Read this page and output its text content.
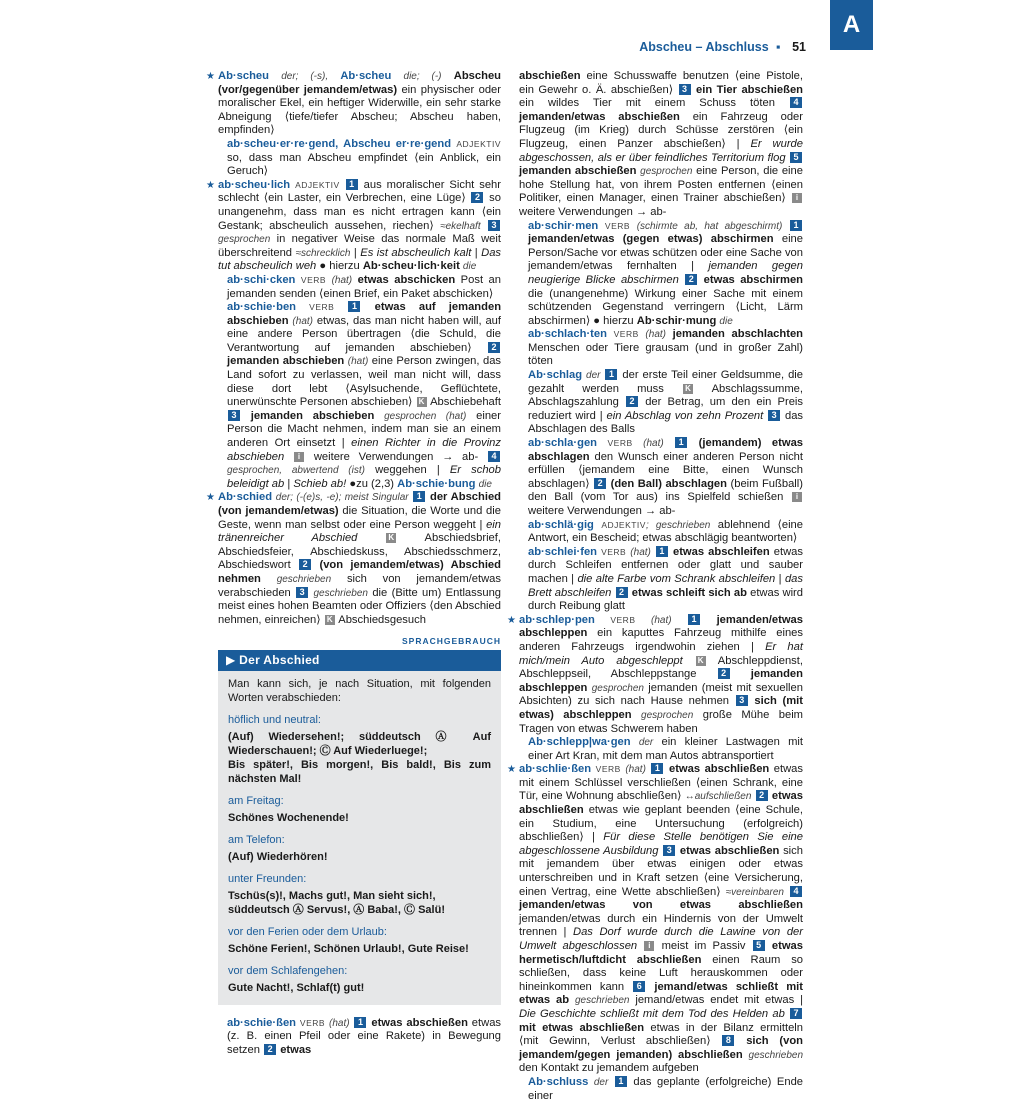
A
Abscheu – Abschluss ▪ 51

★ Ab·scheu der; (-s), Ab·scheu die; (-) Abscheu (vor/gegenüber jemandem/etwas) ein physischer oder moralischer Ekel, ein heftiger Widerwille, ein sehr starke Abneigung ⟨tiefe/tiefer Abscheu; Abscheu haben, empfinden⟩

ab·scheu·er·re·gend, Abscheu er·re·gend ADJEKTIV so, dass man Abscheu empfindet ⟨ein Anblick, ein Geruch⟩

★ ab·scheu·lich ADJEKTIV 1 aus moralischer Sicht sehr schlecht ⟨ein Laster, ein Verbrechen, eine Lüge⟩ 2 so unangenehm, dass man es nicht ertragen kann ⟨ein Gestank; abscheulich aussehen, riechen⟩ ≈ekelhaft 3 gesprochen in negativer Weise das normale Maß weit überschreitend ≈schrecklich | Es ist abscheulich kalt | Das tut abscheulich weh ● hierzu Ab·scheu·lich·keit die

ab·schi·cken VERB (hat) etwas abschicken Post an jemanden senden ⟨einen Brief, ein Paket abschicken⟩

ab·schie·ben VERB 1 etwas auf jemanden abschieben (hat) etwas, das man nicht haben will, auf eine andere Person übertragen ⟨die Schuld, die Verantwortung auf jemanden abschieben⟩ 2 jemanden abschieben (hat) eine Person zwingen, das Land sofort zu verlassen, weil man nicht will, dass diese dort lebt ⟨Asylsuchende, Geflüchtete, unerwünschte Personen abschieben⟩ K Abschiebehaft 3 jemanden abschieben gesprochen (hat) einer Person die Macht nehmen, indem man sie an einem anderen Ort einsetzt | einen Richter in die Provinz abschieben i weitere Verwendungen → ab- 4 gesprochen, abwertend (ist) weggehen | Er schob beleidigt ab | Schieb ab! ●zu (2,3) Ab·schie·bung die

★ Ab·schied der; (-(e)s, -e); meist Singular 1 der Abschied (von jemandem/etwas) die Situation, die Worte und die Geste, wenn man selbst oder eine Person weggeht | ein tränenreicher Abschied	K Abschiedsbrief, Abschiedsfeier, Abschiedskuss, Abschiedsschmerz, Abschiedswort 2 (von jemandem/etwas) Abschied nehmen geschrieben sich von jemandem/etwas verabschieden 3 geschrieben die (Bitte um) Entlassung meist eines hohen Beamten oder Offiziers ⟨den Abschied nehmen, einreichen⟩ K Abschiedsgesuch

SPRACHGEBRAUCH
▶ Der Abschied
Man kann sich, je nach Situation, mit folgenden Worten verabschieden:
höflich und neutral:
(Auf) Wiedersehen!; süddeutsch Ⓐ Auf Wiederschauen!; Ⓒ Auf Wiederluege!;
Bis später!, Bis morgen!, Bis bald!, Bis zum nächsten Mal!
am Freitag:
Schönes Wochenende!
am Telefon:
(Auf) Wiederhören!
unter Freunden:
Tschüs(s)!, Machs gut!, Man sieht sich!,
süddeutsch Ⓐ Servus!, Ⓐ Baba!, Ⓒ Salü!
vor den Ferien oder dem Urlaub:
Schöne Ferien!, Schönen Urlaub!, Gute Reise!
vor dem Schlafengehen:
Gute Nacht!, Schlaf(t) gut!

ab·schie·ßen VERB (hat) 1 etwas abschießen etwas (z. B. einen Pfeil oder eine Rakete) in Bewegung setzen 2 etwas

abschießen eine Schusswaffe benutzen ⟨eine Pistole, ein Gewehr o. Ä. abschießen⟩ 3 ein Tier abschießen ein wildes Tier mit einem Schuss töten 4 jemanden/etwas abschießen ein Fahrzeug oder Flugzeug (im Krieg) durch Schüsse zerstören ⟨ein Flugzeug, einen Panzer abschießen⟩ | Er wurde abgeschossen, als er über feindliches Territorium flog 5 jemanden abschießen gesprochen eine Person, die eine hohe Stellung hat, von ihrem Posten entfernen ⟨einen Politiker, einen Manager, einen Trainer abschießen⟩ i weitere Verwendungen → ab-

ab·schir·men VERB (schirmte ab, hat abgeschirmt) 1 jemanden/etwas (gegen etwas) abschirmen eine Person/Sache vor etwas schützen oder eine Sache von jemandem/etwas fernhalten | jemanden gegen neugierige Blicke abschirmen 2 etwas abschirmen die (unangenehme) Wirkung einer Sache mit einem schützenden Gegenstand verringern ⟨Licht, Lärm abschirmen⟩ ● hierzu Ab·schir·mung die

ab·schlach·ten VERB (hat) jemanden abschlachten Menschen oder Tiere grausam (und in großer Zahl) töten

Ab·schlag der 1 der erste Teil einer Geldsumme, die gezahlt werden muss K Abschlagssumme, Abschlagszahlung 2 der Betrag, um den ein Preis reduziert wird | ein Abschlag von zehn Prozent 3 das Abschlagen des Balls

ab·schla·gen VERB (hat) 1 (jemandem) etwas abschlagen den Wunsch einer anderen Person nicht erfüllen ⟨jemandem eine Bitte, einen Wunsch abschlagen⟩ 2 (den Ball) abschlagen (beim Fußball) den Ball (vom Tor aus) ins Spielfeld schießen i weitere Verwendungen → ab-

ab·schlä·gig ADJEKTIV; geschrieben ablehnend ⟨eine Antwort, ein Bescheid; etwas abschlägig beantworten⟩

ab·schlei·fen VERB (hat) 1 etwas abschleifen etwas durch Schleifen entfernen oder glatt und sauber machen | die alte Farbe vom Schrank abschleifen | das Brett abschleifen 2 etwas schleift sich ab etwas wird durch Reibung glatt

★ ab·schlep·pen VERB (hat) 1 jemanden/etwas abschleppen ein kaputtes Fahrzeug mithilfe eines anderen Fahrzeugs irgendwohin ziehen | Er hat mich/mein Auto abgeschleppt K Abschleppdienst, Abschleppseil, Abschleppstange 2 jemanden abschleppen gesprochen jemanden (meist mit sexuellen Absichten) zu sich nach Hause nehmen 3 sich (mit etwas) abschleppen gesprochen große Mühe beim Tragen von etwas Schwerem haben

Ab·schlepp|wa·gen der ein kleiner Lastwagen mit einer Art Kran, mit dem man Autos abtransportiert

★ ab·schlie·ßen VERB (hat) 1 etwas abschließen etwas mit einem Schlüssel verschließen ⟨einen Schrank, eine Tür, eine Wohnung abschließen⟩ ↔aufschließen 2 etwas abschließen etwas wie geplant beenden ⟨eine Schule, ein Studium, eine Untersuchung (erfolgreich) abschließen⟩ | Für diese Stelle benötigen Sie eine abgeschlossene Ausbildung 3 etwas abschließen sich mit jemandem über etwas einigen oder etwas unterschreiben und in Kraft setzen ⟨eine Versicherung, einen Vertrag, eine Wette abschließen⟩ ≈vereinbaren 4 jemanden/etwas von etwas abschließen jemanden/etwas durch ein Hindernis von der Umwelt trennen | Das Dorf wurde durch die Lawine von der Umwelt abgeschlossen i meist im Passiv 5 etwas hermetisch/luftdicht abschließen einen Raum so schließen, dass keine Luft herauskommen oder hineinkommen kann 6 jemand/etwas schließt mit etwas ab geschrieben jemand/etwas endet mit etwas | Die Geschichte schließt mit dem Tod des Helden ab 7 mit etwas abschließen etwas in der Bilanz ermitteln ⟨mit Gewinn, Verlust abschließen⟩ 8 sich (von jemandem/gegen jemanden) abschließen geschrieben den Kontakt zu jemandem aufgeben

Ab·schluss der 1 das geplante (erfolgreiche) Ende einer
